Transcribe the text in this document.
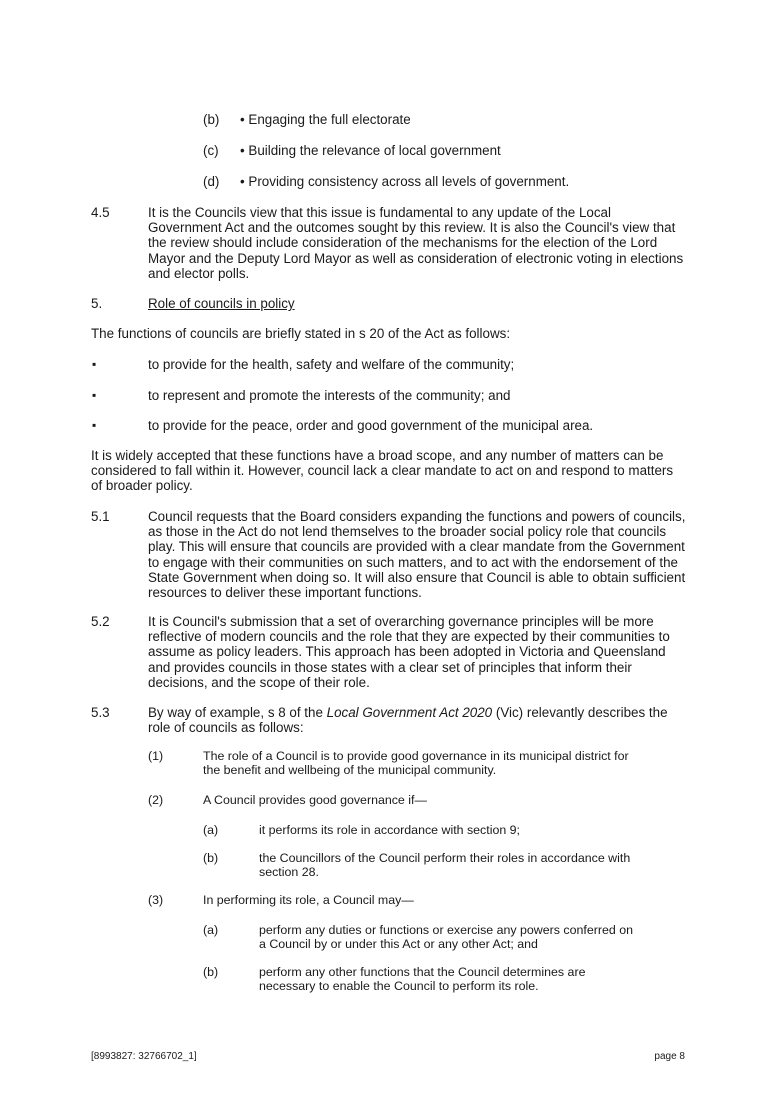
(b) • Engaging the full electorate
(c) • Building the relevance of local government
(d) • Providing consistency across all levels of government.
4.5	It is the Councils view that this issue is fundamental to any update of the Local Government Act and the outcomes sought by this review. It is also the Council's view that the review should include consideration of the mechanisms for the election of the Lord Mayor and the Deputy Lord Mayor as well as consideration of electronic voting in elections and elector polls.
5.	Role of councils in policy
The functions of councils are briefly stated in s 20 of the Act as follows:
▪	to provide for the health, safety and welfare of the community;
▪	to represent and promote the interests of the community; and
▪	to provide for the peace, order and good government of the municipal area.
It is widely accepted that these functions have a broad scope, and any number of matters can be considered to fall within it. However, council lack a clear mandate to act on and respond to matters of broader policy.
5.1	Council requests that the Board considers expanding the functions and powers of councils, as those in the Act do not lend themselves to the broader social policy role that councils play. This will ensure that councils are provided with a clear mandate from the Government to engage with their communities on such matters, and to act with the endorsement of the State Government when doing so. It will also ensure that Council is able to obtain sufficient resources to deliver these important functions.
5.2	It is Council's submission that a set of overarching governance principles will be more reflective of modern councils and the role that they are expected by their communities to assume as policy leaders. This approach has been adopted in Victoria and Queensland and provides councils in those states with a clear set of principles that inform their decisions, and the scope of their role.
5.3	By way of example, s 8 of the Local Government Act 2020 (Vic) relevantly describes the role of councils as follows:
(1)	The role of a Council is to provide good governance in its municipal district for the benefit and wellbeing of the municipal community.
(2)	A Council provides good governance if—
(a)	it performs its role in accordance with section 9;
(b)	the Councillors of the Council perform their roles in accordance with section 28.
(3)	In performing its role, a Council may—
(a)	perform any duties or functions or exercise any powers conferred on a Council by or under this Act or any other Act; and
(b)	perform any other functions that the Council determines are necessary to enable the Council to perform its role.
[8993827: 32766702_1]	page 8
